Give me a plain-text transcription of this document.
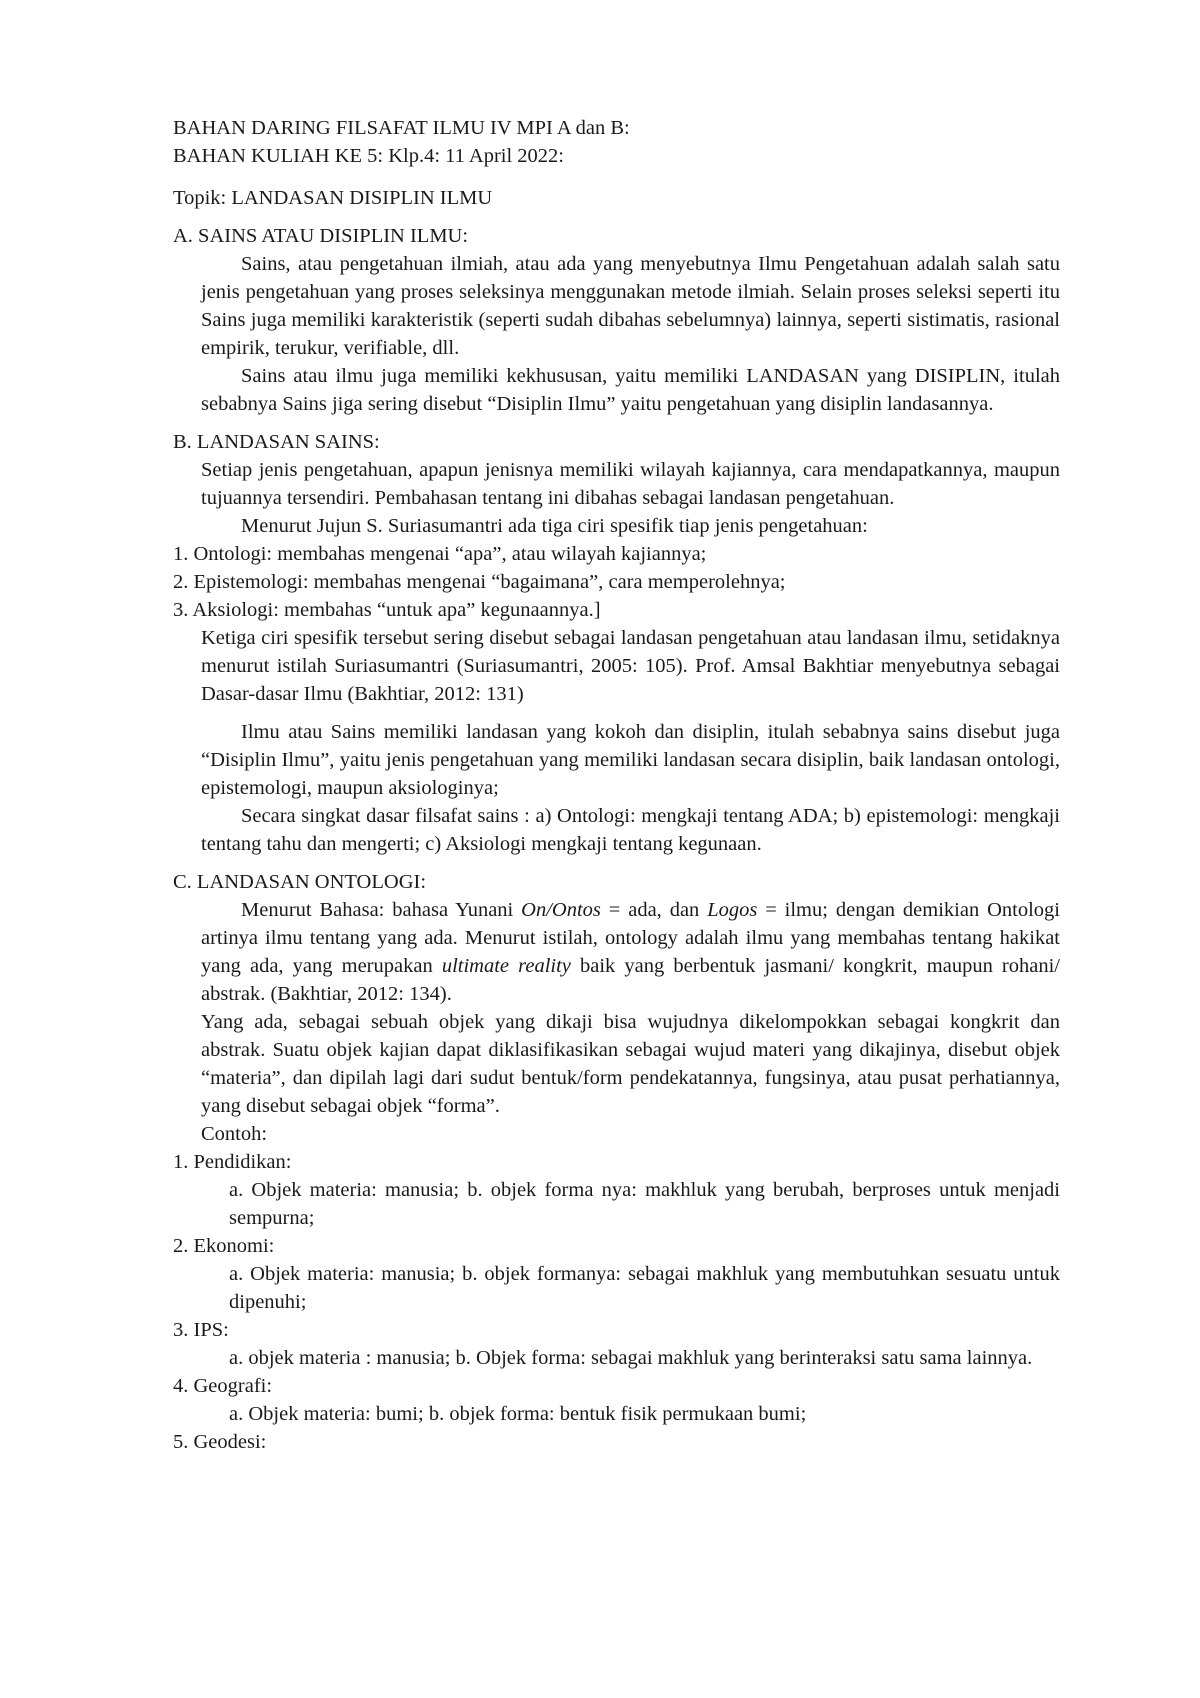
BAHAN DARING FILSAFAT ILMU IV MPI A dan B:

BAHAN KULIAH KE 5: Klp.4: 11 April 2022:

Topik: LANDASAN DISIPLIN ILMU

A. SAINS ATAU DISIPLIN ILMU:

Sains, atau pengetahuan ilmiah, atau ada yang menyebutnya Ilmu Pengetahuan adalah salah satu jenis pengetahuan yang proses seleksinya menggunakan metode ilmiah. Selain proses seleksi seperti itu Sains juga memiliki karakteristik (seperti sudah dibahas sebelumnya) lainnya, seperti sistimatis, rasional empirik, terukur, verifiable, dll.

Sains atau ilmu juga memiliki kekhususan, yaitu memiliki LANDASAN yang DISIPLIN, itulah sebabnya Sains jiga sering disebut “Disiplin Ilmu” yaitu pengetahuan yang disiplin landasannya.

B. LANDASAN SAINS:

Setiap jenis pengetahuan, apapun jenisnya memiliki wilayah kajiannya, cara mendapatkannya, maupun tujuannya tersendiri. Pembahasan tentang ini dibahas sebagai landasan pengetahuan.

Menurut Jujun S. Suriasumantri ada tiga ciri spesifik tiap jenis pengetahuan:

1. Ontologi: membahas mengenai “apa”, atau wilayah kajiannya;

2. Epistemologi: membahas mengenai “bagaimana”, cara memperolehnya;

3. Aksiologi: membahas “untuk apa” kegunaannya.]

Ketiga ciri spesifik tersebut sering disebut sebagai landasan pengetahuan atau landasan ilmu, setidaknya menurut istilah Suriasumantri (Suriasumantri, 2005: 105). Prof. Amsal Bakhtiar menyebutnya sebagai Dasar-dasar Ilmu (Bakhtiar, 2012: 131)

Ilmu atau Sains memiliki landasan yang kokoh dan disiplin, itulah sebabnya sains disebut juga “Disiplin Ilmu”, yaitu jenis pengetahuan yang memiliki landasan secara disiplin, baik landasan ontologi, epistemologi, maupun aksiologinya;

Secara singkat dasar filsafat sains : a) Ontologi: mengkaji tentang ADA; b) epistemologi: mengkaji tentang tahu dan mengerti; c) Aksiologi mengkaji tentang kegunaan.

C. LANDASAN ONTOLOGI:

Menurut Bahasa: bahasa Yunani On/Ontos = ada, dan Logos = ilmu; dengan demikian Ontologi artinya ilmu tentang yang ada. Menurut istilah, ontology adalah ilmu yang membahas tentang hakikat yang ada, yang merupakan ultimate reality baik yang berbentuk jasmani/ kongkrit, maupun rohani/ abstrak. (Bakhtiar, 2012: 134).

Yang ada, sebagai sebuah objek yang dikaji bisa wujudnya dikelompokkan sebagai kongkrit dan abstrak. Suatu objek kajian dapat diklasifikasikan sebagai wujud materi yang dikajinya, disebut objek “materia”, dan dipilah lagi dari sudut bentuk/form pendekatannya, fungsinya, atau pusat perhatiannya, yang disebut sebagai objek “forma”.

Contoh:

1. Pendidikan:

a. Objek materia: manusia; b. objek forma nya: makhluk yang berubah, berproses untuk menjadi sempurna;

2. Ekonomi:

a. Objek materia: manusia; b. objek formanya: sebagai makhluk yang membutuhkan sesuatu untuk dipenuhi;

3. IPS:

a. objek materia : manusia; b. Objek forma: sebagai makhluk yang berinteraksi satu sama lainnya.

4. Geografi:

a. Objek materia: bumi; b. objek forma: bentuk fisik permukaan bumi;

5. Geodesi:
